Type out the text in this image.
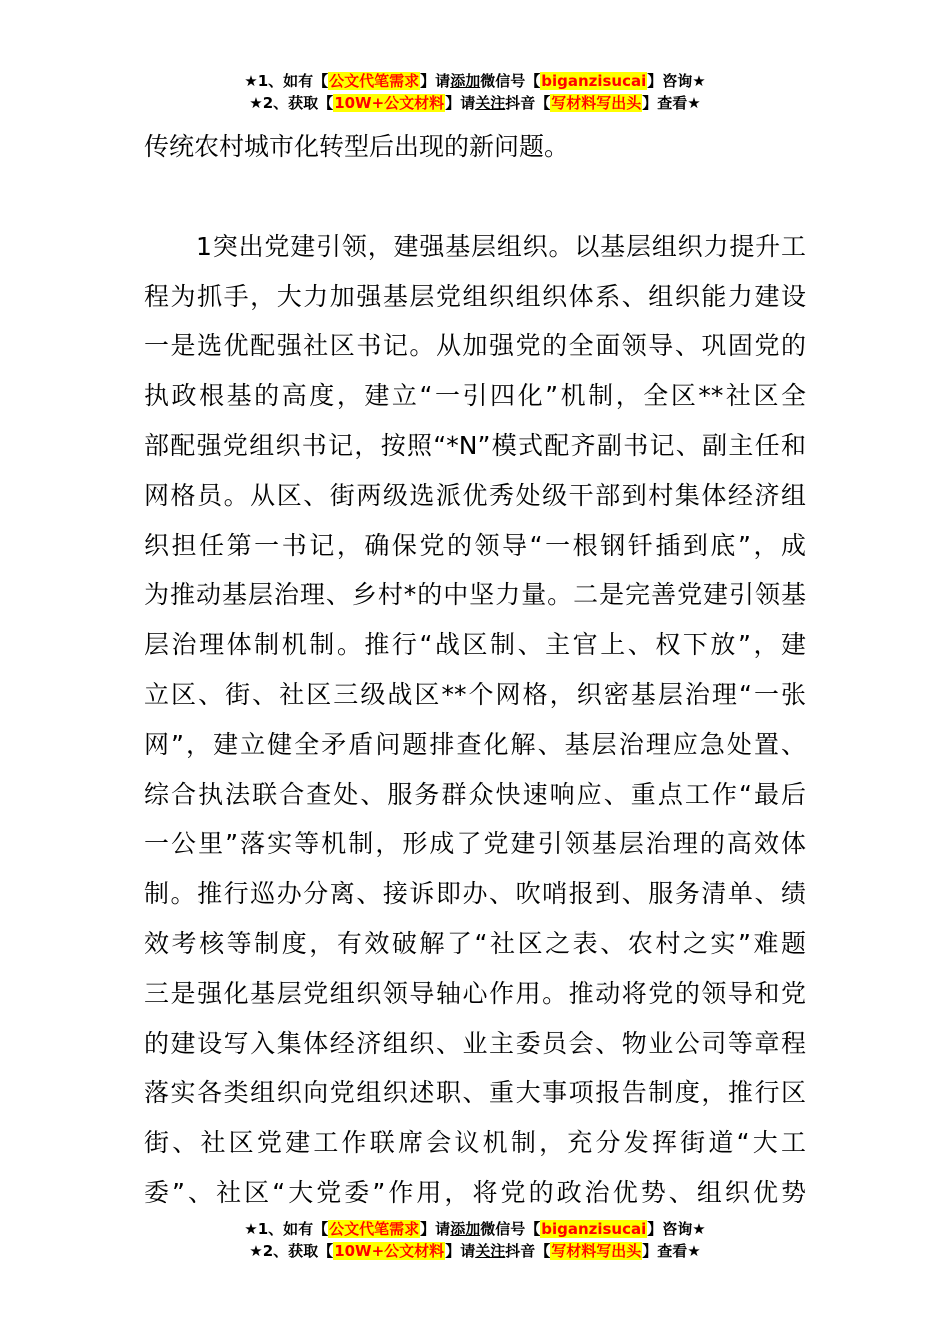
★1、如有【公文代笔需求】请添加微信号【biganzisucai】咨询★
★2、获取【10W+公文材料】请关注抖音【写材料写出头】查看★
传统农村城市化转型后出现的新问题。
1突出党建引领，建强基层组织。以基层组织力提升工
程为抓手，大力加强基层党组织组织体系、组织能力建设
一是选优配强社区书记。从加强党的全面领导、巩固党的
执政根基的高度，建立“一引四化”机制，全区**社区全
部配强党组织书记，按照“*N”模式配齐副书记、副主任和
网格员。从区、街两级选派优秀处级干部到村集体经济组
织担任第一书记，确保党的领导“一根钢钎插到底”，成
为推动基层治理、乡村*的中坚力量。二是完善党建引领基
层治理体制机制。推行“战区制、主官上、权下放”，建
立区、街、社区三级战区**个网格，织密基层治理“一张
网”，建立健全矛盾问题排查化解、基层治理应急处置、
综合执法联合查处、服务群众快速响应、重点工作“最后
一公里”落实等机制，形成了党建引领基层治理的高效体
制。推行巡办分离、接诉即办、吹哨报到、服务清单、绩
效考核等制度，有效破解了“社区之表、农村之实”难题
三是强化基层党组织领导轴心作用。推动将党的领导和党
的建设写入集体经济组织、业主委员会、物业公司等章程
落实各类组织向党组织述职、重大事项报告制度，推行区
街、社区党建工作联席会议机制，充分发挥街道“大工
委”、社区“大党委”作用，将党的政治优势、组织优势
★1、如有【公文代笔需求】请添加微信号【biganzisucai】咨询★
★2、获取【10W+公文材料】请关注抖音【写材料写出头】查看★
